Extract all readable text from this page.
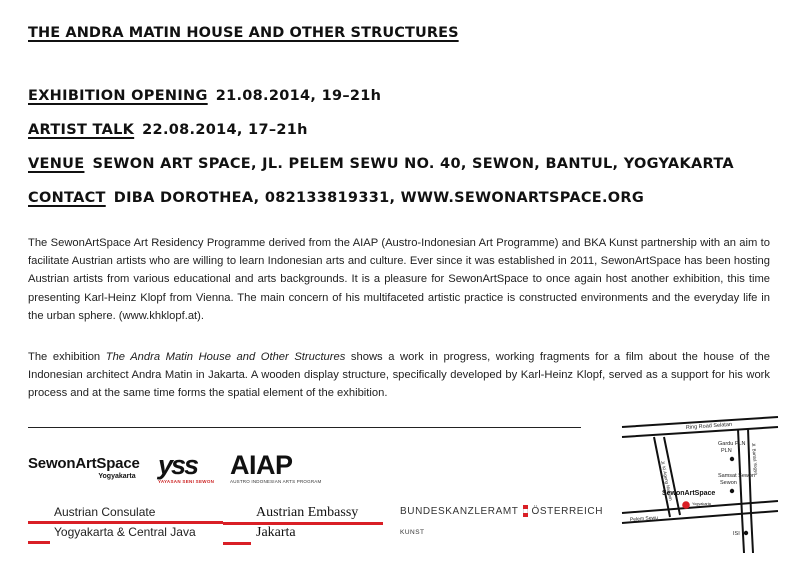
THE ANDRA MATIN HOUSE AND OTHER STRUCTURES
EXHIBITION OPENING 21.08.2014, 19–21h
ARTIST TALK 22.08.2014, 17–21h
VENUE SEWON ART SPACE, JL. PELEM SEWU NO. 40, SEWON, BANTUL, YOGYAKARTA
CONTACT DIBA DOROTHEA, 082133819331, WWW.SEWONARTSPACE.ORG

The SewonArtSpace Art Residency Programme derived from the AIAP (Austro-Indonesian Art Programme) and BKA Kunst partnership with an aim to facilitate Austrian artists who are willing to learn Indonesian arts and culture. Ever since it was established in 2011, SewonArtSpace has been hosting Austrian artists from various educational and arts backgrounds. It is a pleasure for SewonArtSpace to once again host another exhibition, this time presenting Karl-Heinz Klopf from Vienna. The main concern of his multifaceted artistic practice is constructed environments and the everyday life in the urban sphere. (www.khklopf.at).

The exhibition The Andra Matin House and Other Structures shows a work in progress, working fragments for a film about the house of the Indonesian architect Andra Matin in Jakarta. A wooden display structure, specifically developed by Karl-Heinz Klopf, served as a support for his work process and at the same time forms the spatial element of the exhibition.

SewonArtSpace
Yogyakarta yss
YAYASAN SENI SEWON
AIAP
AUSTRO INDONESIAN ARTS PROGRAM
Austrian Consulate
Yogyakarta & Central Java
Austrian Embassy
Jakarta
BUNDESKANZLERAMT ÖSTERREICH
KUNST
Ring Road Selatan
Jl. Ki Ageng Mukmin
Jl. Bantul Yogya
Pelem Sewu
Gardu PLN
PLN
Samsat Sewon
Sewon
ISI
SewonArtSpace
Yogyakarta
